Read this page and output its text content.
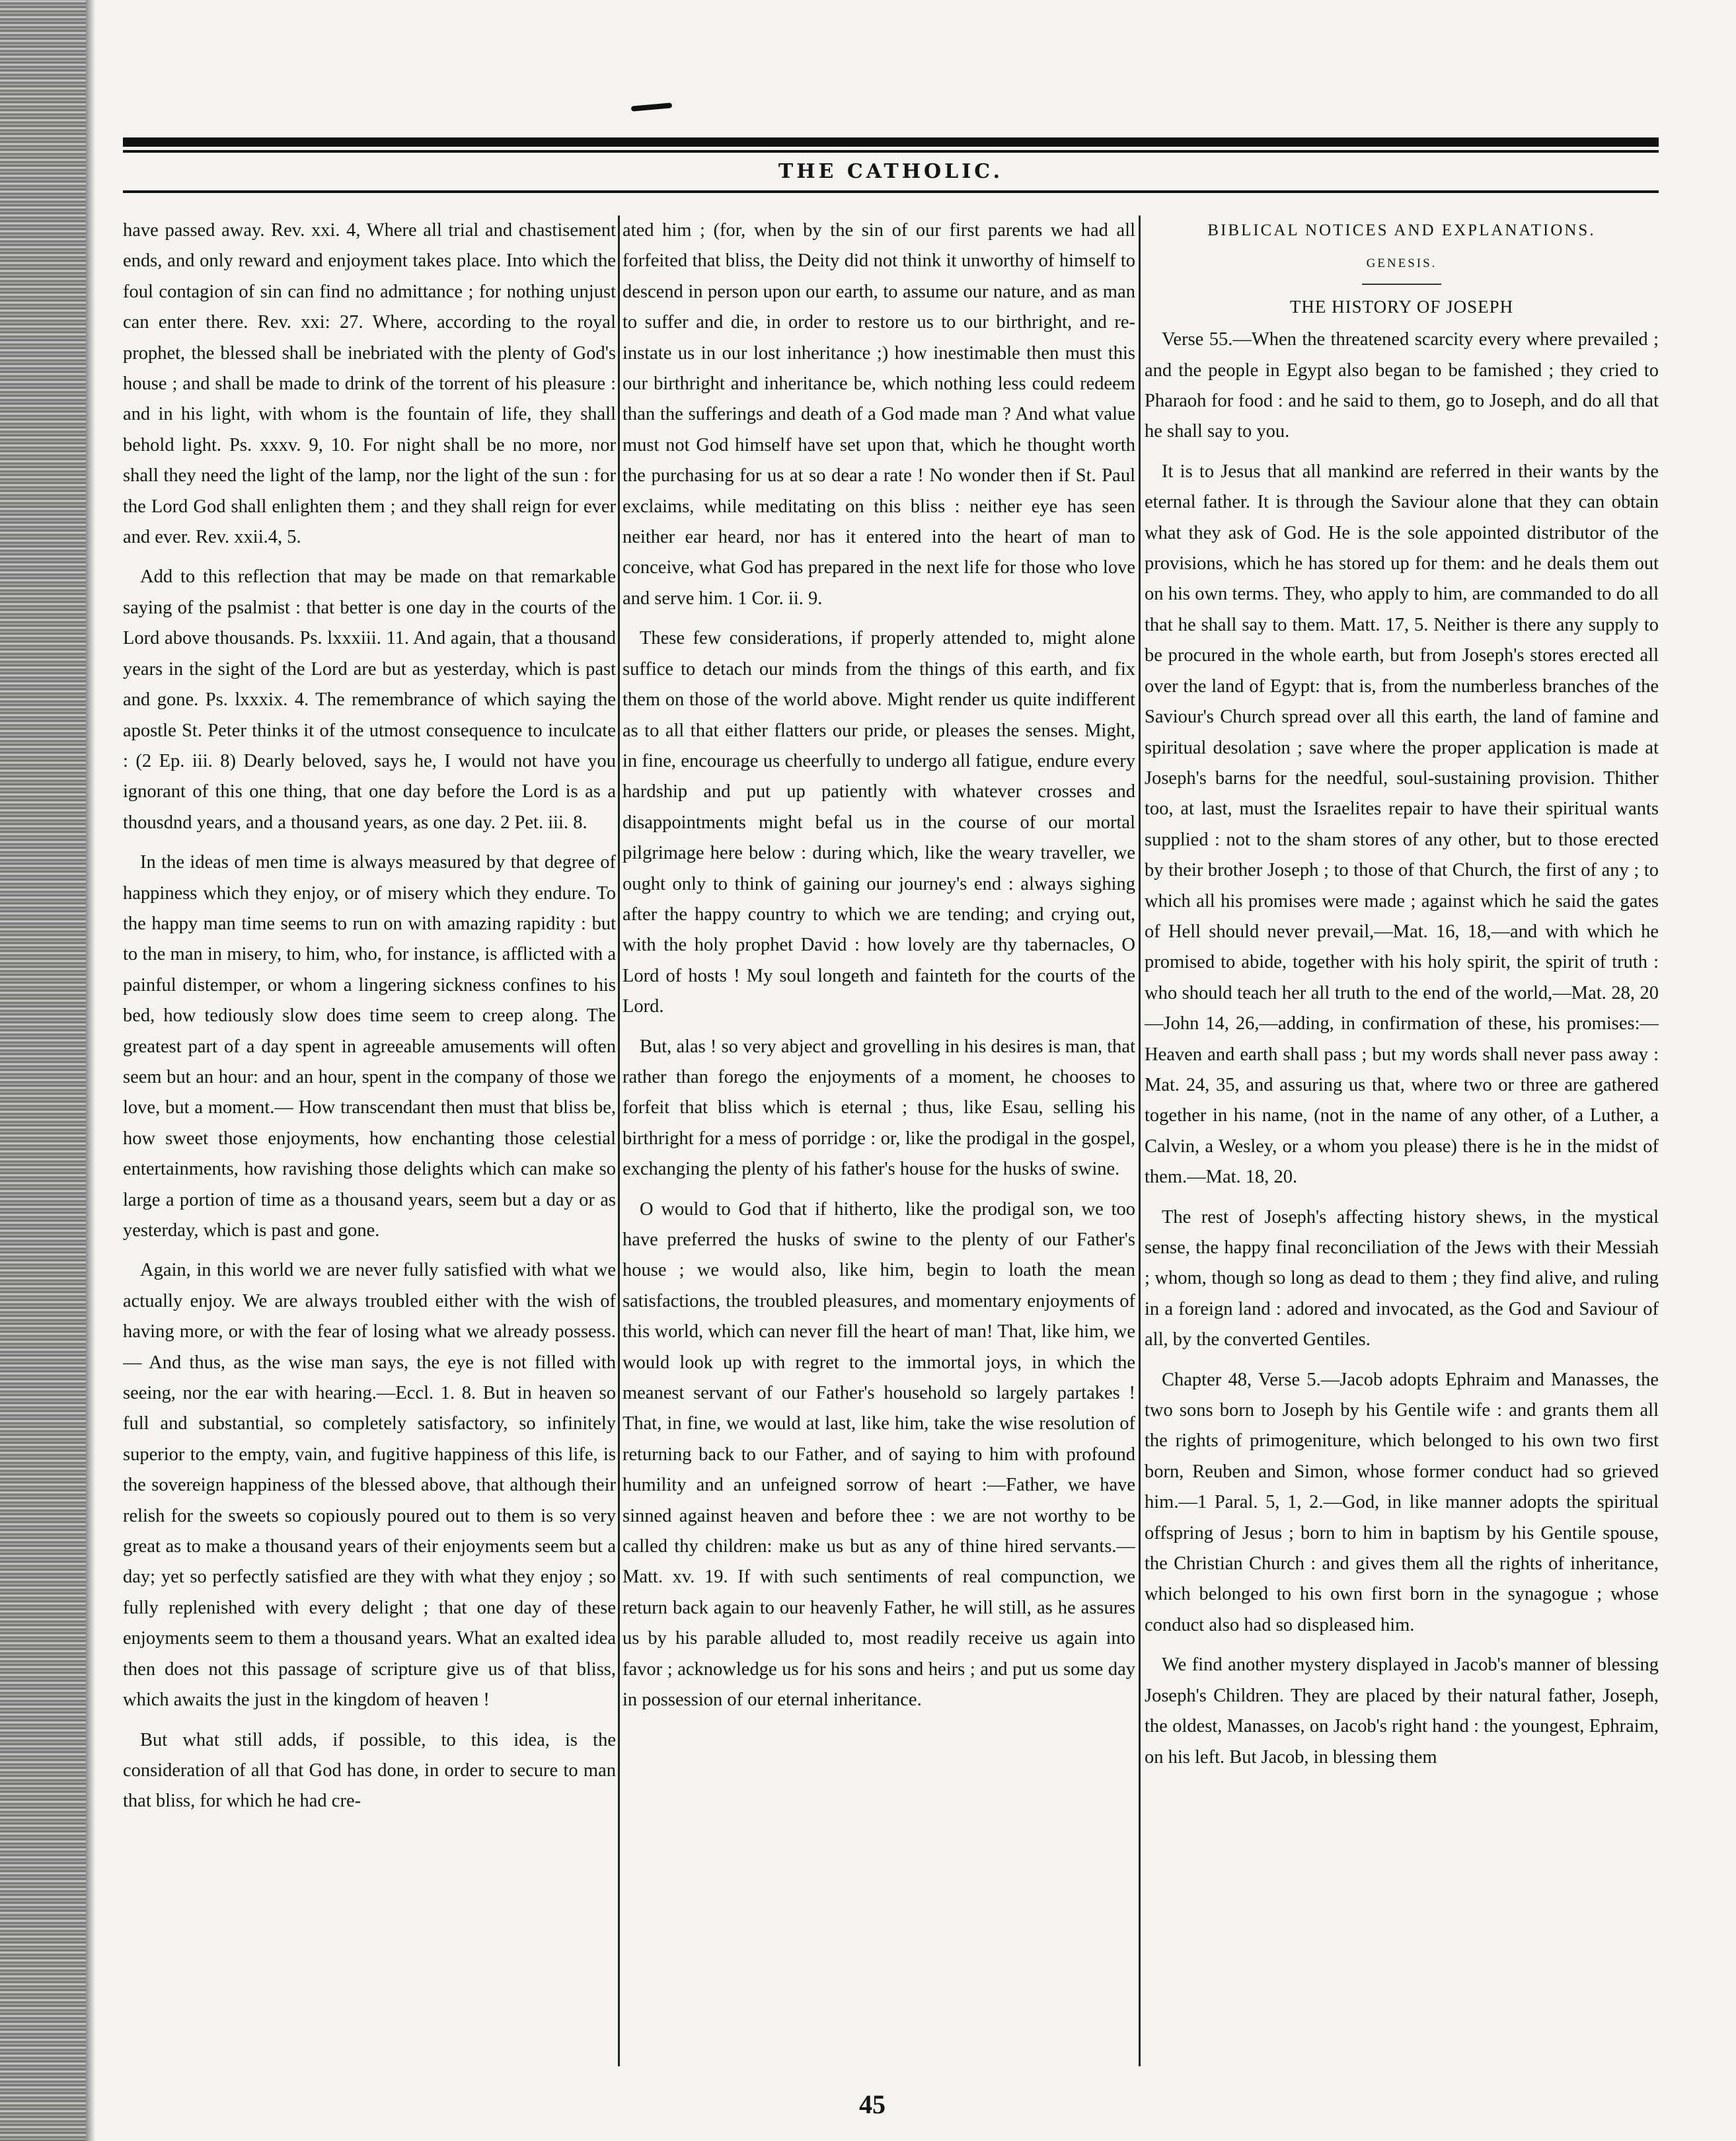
THE CATHOLIC.

have passed away. Rev. xxi. 4, Where all trial and chastisement ends, and only reward and enjoyment takes place. Into which the foul contagion of sin can find no admittance ; for nothing unjust can enter there. Rev. xxi: 27. Where, according to the royal prophet, the blessed shall be inebriated with the plenty of God's house ; and shall be made to drink of the torrent of his pleasure : and in his light, with whom is the fountain of life, they shall behold light. Ps. xxxv. 9, 10. For night shall be no more, nor shall they need the light of the lamp, nor the light of the sun : for the Lord God shall enlighten them ; and they shall reign for ever and ever. Rev. xxii.4, 5.

Add to this reflection that may be made on that remarkable saying of the psalmist : that better is one day in the courts of the Lord above thousands. Ps. lxxxiii. 11. And again, that a thousand years in the sight of the Lord are but as yesterday, which is past and gone. Ps. lxxxix. 4. The remembrance of which saying the apostle St. Peter thinks it of the utmost consequence to inculcate : (2 Ep. iii. 8) Dearly beloved, says he, I would not have you ignorant of this one thing, that one day before the Lord is as a thousdnd years, and a thousand years, as one day. 2 Pet. iii. 8.

In the ideas of men time is always measured by that degree of happiness which they enjoy, or of misery which they endure. To the happy man time seems to run on with amazing rapidity : but to the man in misery, to him, who, for instance, is afflicted with a painful distemper, or whom a lingering sickness confines to his bed, how tediously slow does time seem to creep along. The greatest part of a day spent in agreeable amusements will often seem but an hour: and an hour, spent in the company of those we love, but a moment.— How transcendant then must that bliss be, how sweet those enjoyments, how enchanting those celestial entertainments, how ravishing those delights which can make so large a portion of time as a thousand years, seem but a day or as yesterday, which is past and gone.

Again, in this world we are never fully satisfied with what we actually enjoy. We are always troubled either with the wish of having more, or with the fear of losing what we already possess.— And thus, as the wise man says, the eye is not filled with seeing, nor the ear with hearing.—Eccl. 1. 8. But in heaven so full and substantial, so completely satisfactory, so infinitely superior to the empty, vain, and fugitive happiness of this life, is the sovereign happiness of the blessed above, that although their relish for the sweets so copiously poured out to them is so very great as to make a thousand years of their enjoyments seem but a day; yet so perfectly satisfied are they with what they enjoy ; so fully replenished with every delight ; that one day of these enjoyments seem to them a thousand years. What an exalted idea then does not this passage of scripture give us of that bliss, which awaits the just in the kingdom of heaven !

But what still adds, if possible, to this idea, is the consideration of all that God has done, in order to secure to man that bliss, for which he had cre-

ated him ; (for, when by the sin of our first parents we had all forfeited that bliss, the Deity did not think it unworthy of himself to descend in person upon our earth, to assume our nature, and as man to suffer and die, in order to restore us to our birthright, and re-instate us in our lost inheritance ;) how inestimable then must this our birthright and inheritance be, which nothing less could redeem than the sufferings and death of a God made man ? And what value must not God himself have set upon that, which he thought worth the purchasing for us at so dear a rate ! No wonder then if St. Paul exclaims, while meditating on this bliss : neither eye has seen neither ear heard, nor has it entered into the heart of man to conceive, what God has prepared in the next life for those who love and serve him. 1 Cor. ii. 9.

These few considerations, if properly attended to, might alone suffice to detach our minds from the things of this earth, and fix them on those of the world above. Might render us quite indifferent as to all that either flatters our pride, or pleases the senses. Might, in fine, encourage us cheerfully to undergo all fatigue, endure every hardship and put up patiently with whatever crosses and disappointments might befal us in the course of our mortal pilgrimage here below : during which, like the weary traveller, we ought only to think of gaining our journey's end : always sighing after the happy country to which we are tending; and crying out, with the holy prophet David : how lovely are thy tabernacles, O Lord of hosts ! My soul longeth and fainteth for the courts of the Lord.

But, alas ! so very abject and grovelling in his desires is man, that rather than forego the enjoyments of a moment, he chooses to forfeit that bliss which is eternal ; thus, like Esau, selling his birthright for a mess of porridge : or, like the prodigal in the gospel, exchanging the plenty of his father's house for the husks of swine.

O would to God that if hitherto, like the prodigal son, we too have preferred the husks of swine to the plenty of our Father's house ; we would also, like him, begin to loath the mean satisfactions, the troubled pleasures, and momentary enjoyments of this world, which can never fill the heart of man! That, like him, we would look up with regret to the immortal joys, in which the meanest servant of our Father's household so largely partakes ! That, in fine, we would at last, like him, take the wise resolution of returning back to our Father, and of saying to him with profound humility and an unfeigned sorrow of heart :—Father, we have sinned against heaven and before thee : we are not worthy to be called thy children: make us but as any of thine hired servants.—Matt. xv. 19. If with such sentiments of real compunction, we return back again to our heavenly Father, he will still, as he assures us by his parable alluded to, most readily receive us again into favor ; acknowledge us for his sons and heirs ; and put us some day in possession of our eternal inheritance.

BIBLICAL NOTICES AND EXPLANATIONS.
GENESIS.
THE HISTORY OF JOSEPH

Verse 55.—When the threatened scarcity every where prevailed ; and the people in Egypt also began to be famished ; they cried to Pharaoh for food : and he said to them, go to Joseph, and do all that he shall say to you.

It is to Jesus that all mankind are referred in their wants by the eternal father. It is through the Saviour alone that they can obtain what they ask of God. He is the sole appointed distributor of the provisions, which he has stored up for them: and he deals them out on his own terms. They, who apply to him, are commanded to do all that he shall say to them. Matt. 17, 5. Neither is there any supply to be procured in the whole earth, but from Joseph's stores erected all over the land of Egypt: that is, from the numberless branches of the Saviour's Church spread over all this earth, the land of famine and spiritual desolation ; save where the proper application is made at Joseph's barns for the needful, soul-sustaining provision. Thither too, at last, must the Israelites repair to have their spiritual wants supplied : not to the sham stores of any other, but to those erected by their brother Joseph ; to those of that Church, the first of any ; to which all his promises were made ; against which he said the gates of Hell should never prevail,—Mat. 16, 18,—and with which he promised to abide, together with his holy spirit, the spirit of truth : who should teach her all truth to the end of the world,—Mat. 28, 20—John 14, 26,—adding, in confirmation of these, his promises:—Heaven and earth shall pass ; but my words shall never pass away : Mat. 24, 35, and assuring us that, where two or three are gathered together in his name, (not in the name of any other, of a Luther, a Calvin, a Wesley, or a whom you please) there is he in the midst of them.—Mat. 18, 20.

The rest of Joseph's affecting history shews, in the mystical sense, the happy final reconciliation of the Jews with their Messiah ; whom, though so long as dead to them ; they find alive, and ruling in a foreign land : adored and invocated, as the God and Saviour of all, by the converted Gentiles.

Chapter 48, Verse 5.—Jacob adopts Ephraim and Manasses, the two sons born to Joseph by his Gentile wife : and grants them all the rights of primogeniture, which belonged to his own two first born, Reuben and Simon, whose former conduct had so grieved him.—1 Paral. 5, 1, 2.—God, in like manner adopts the spiritual offspring of Jesus ; born to him in baptism by his Gentile spouse, the Christian Church : and gives them all the rights of inheritance, which belonged to his own first born in the synagogue ; whose conduct also had so displeased him.

We find another mystery displayed in Jacob's manner of blessing Joseph's Children. They are placed by their natural father, Joseph, the oldest, Manasses, on Jacob's right hand : the youngest, Ephraim, on his left. But Jacob, in blessing them

45
